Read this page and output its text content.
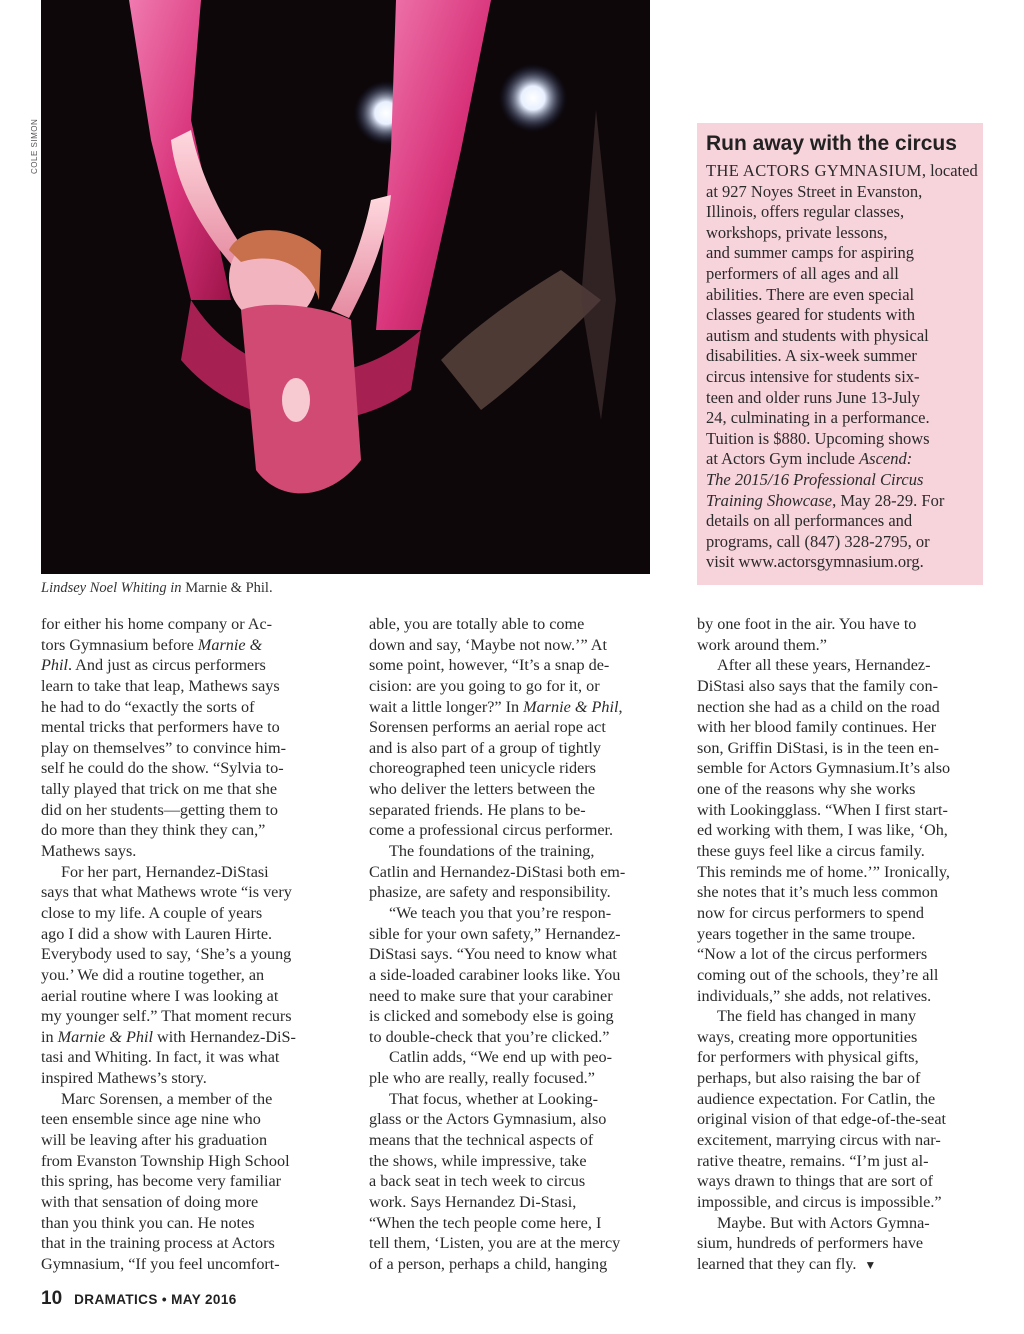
COLE SIMON
Lindsey Noel Whiting in Marnie & Phil.
Run away with the circus
THE ACTORS GYMNASIUM, located
at 927 Noyes Street in Evanston,
Illinois, offers regular classes,
workshops, private lessons,
and summer camps for aspiring
performers of all ages and all
abilities. There are even special
classes geared for students with
autism and students with physical
disabilities. A six-week summer
circus intensive for students six-
teen and older runs June 13-July
24, culminating in a performance.
Tuition is $880. Upcoming shows
at Actors Gym include Ascend:
The 2015/16 Professional Circus
Training Showcase, May 28-29. For
details on all performances and
programs, call (847) 328-2795, or
visit www.actorsgymnasium.org.
for either his home company or Ac-
tors Gymnasium before Marnie &
Phil. And just as circus performers
learn to take that leap, Mathews says
he had to do “exactly the sorts of
mental tricks that performers have to
play on themselves” to convince him-
self he could do the show. “Sylvia to-
tally played that trick on me that she
did on her students—getting them to
do more than they think they can,”
Mathews says.
For her part, Hernandez-DiStasi
says that what Mathews wrote “is very
close to my life. A couple of years
ago I did a show with Lauren Hirte.
Everybody used to say, ‘She’s a young
you.’ We did a routine together, an
aerial routine where I was looking at
my younger self.” That moment recurs
in Marnie & Phil with Hernandez-DiS-
tasi and Whiting. In fact, it was what
inspired Mathews’s story.
Marc Sorensen, a member of the
teen ensemble since age nine who
will be leaving after his graduation
from Evanston Township High School
this spring, has become very familiar
with that sensation of doing more
than you think you can. He notes
that in the training process at Actors
Gymnasium, “If you feel uncomfort-
able, you are totally able to come
down and say, ‘Maybe not now.’” At
some point, however, “It’s a snap de-
cision: are you going to go for it, or
wait a little longer?” In Marnie & Phil,
Sorensen performs an aerial rope act
and is also part of a group of tightly
choreographed teen unicycle riders
who deliver the letters between the
separated friends. He plans to be-
come a professional circus performer.
The foundations of the training,
Catlin and Hernandez-DiStasi both em-
phasize, are safety and responsibility.
“We teach you that you’re respon-
sible for your own safety,” Hernandez-
DiStasi says. “You need to know what
a side-loaded carabiner looks like. You
need to make sure that your carabiner
is clicked and somebody else is going
to double-check that you’re clicked.”
Catlin adds, “We end up with peo-
ple who are really, really focused.”
That focus, whether at Looking-
glass or the Actors Gymnasium, also
means that the technical aspects of
the shows, while impressive, take
a back seat in tech week to circus
work. Says Hernandez Di-Stasi,
“When the tech people come here, I
tell them, ‘Listen, you are at the mercy
of a person, perhaps a child, hanging
by one foot in the air. You have to
work around them.”
After all these years, Hernandez-
DiStasi also says that the family con-
nection she had as a child on the road
with her blood family continues. Her
son, Griffin DiStasi, is in the teen en-
semble for Actors Gymnasium.It’s also
one of the reasons why she works
with Lookingglass. “When I first start-
ed working with them, I was like, ‘Oh,
these guys feel like a circus family.
This reminds me of home.’” Ironically,
she notes that it’s much less common
now for circus performers to spend
years together in the same troupe.
“Now a lot of the circus performers
coming out of the schools, they’re all
individuals,” she adds, not relatives.
The field has changed in many
ways, creating more opportunities
for performers with physical gifts,
perhaps, but also raising the bar of
audience expectation. For Catlin, the
original vision of that edge-of-the-seat
excitement, marrying circus with nar-
rative theatre, remains. “I’m just al-
ways drawn to things that are sort of
impossible, and circus is impossible.”
Maybe. But with Actors Gymna-
sium, hundreds of performers have
learned that they can fly. ▼
10 DRAMATICS • MAY 2016
